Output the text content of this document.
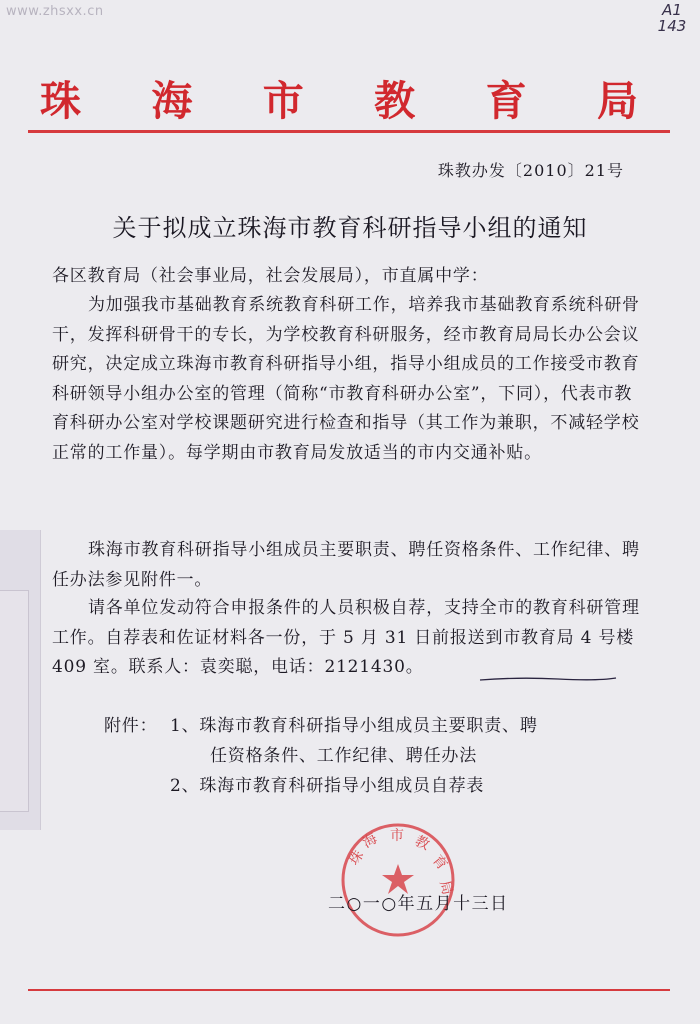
www.zhsxx.cn	A1
143
珠 海 市 教 育 局
珠教办发〔2010〕21号
关于拟成立珠海市教育科研指导小组的通知
各区教育局（社会事业局，社会发展局），市直属中学：
为加强我市基础教育系统教育科研工作，培养我市基础教育系统科研骨干，发挥科研骨干的专长，为学校教育科研服务，经市教育局局长办公会议研究，决定成立珠海市教育科研指导小组，指导小组成员的工作接受市教育科研领导小组办公室的管理（简称“市教育科研办公室”，下同），代表市教育科研办公室对学校课题研究进行检查和指导（其工作为兼职，不减轻学校正常的工作量）。每学期由市教育局发放适当的市内交通补贴。
珠海市教育科研指导小组成员主要职责、聘任资格条件、工作纪律、聘任办法参见附件一。
请各单位发动符合申报条件的人员积极自荐，支持全市的教育科研管理工作。自荐表和佐证材料各一份，于 5 月 31 日前报送到市教育局 4 号楼 409 室。联系人：袁奕聪，电话：2121430。
附件： 1、珠海市教育科研指导小组成员主要职责、聘
任资格条件、工作纪律、聘任办法
2、珠海市教育科研指导小组成员自荐表
珠
海 市 教
育
局
二○一○年五月十三日
